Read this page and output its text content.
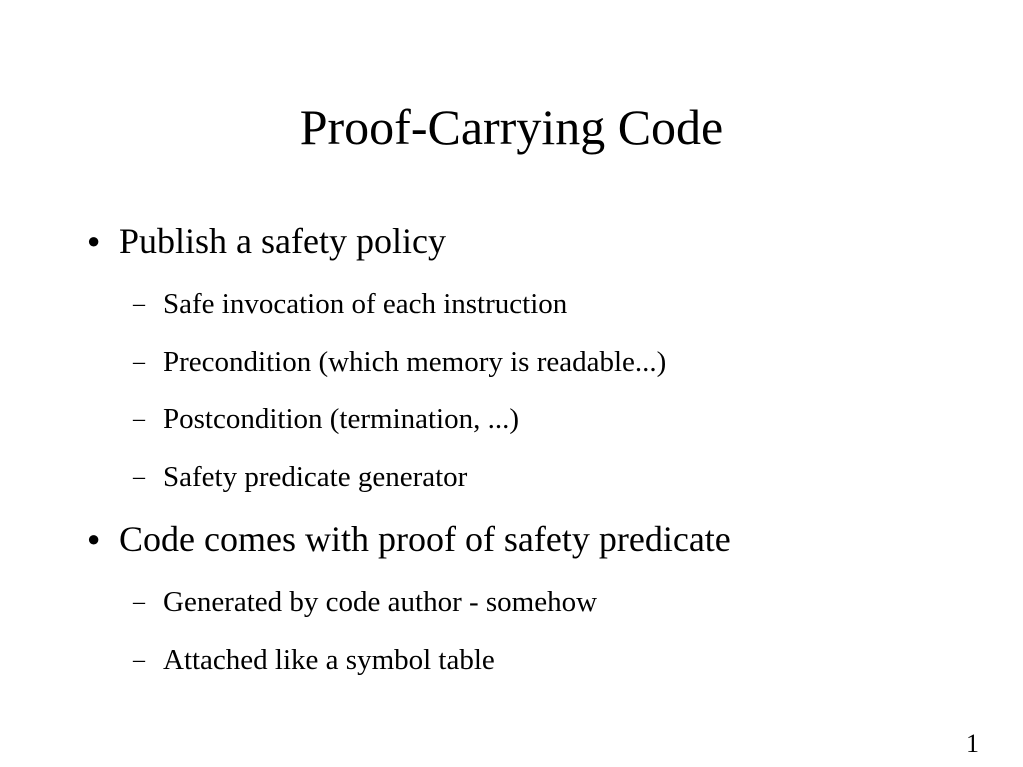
Proof-Carrying Code
● Publish a safety policy
– Safe invocation of each instruction
– Precondition (which memory is readable...)
– Postcondition (termination, ...)
– Safety predicate generator
● Code comes with proof of safety predicate
– Generated by code author - somehow
– Attached like a symbol table
1
